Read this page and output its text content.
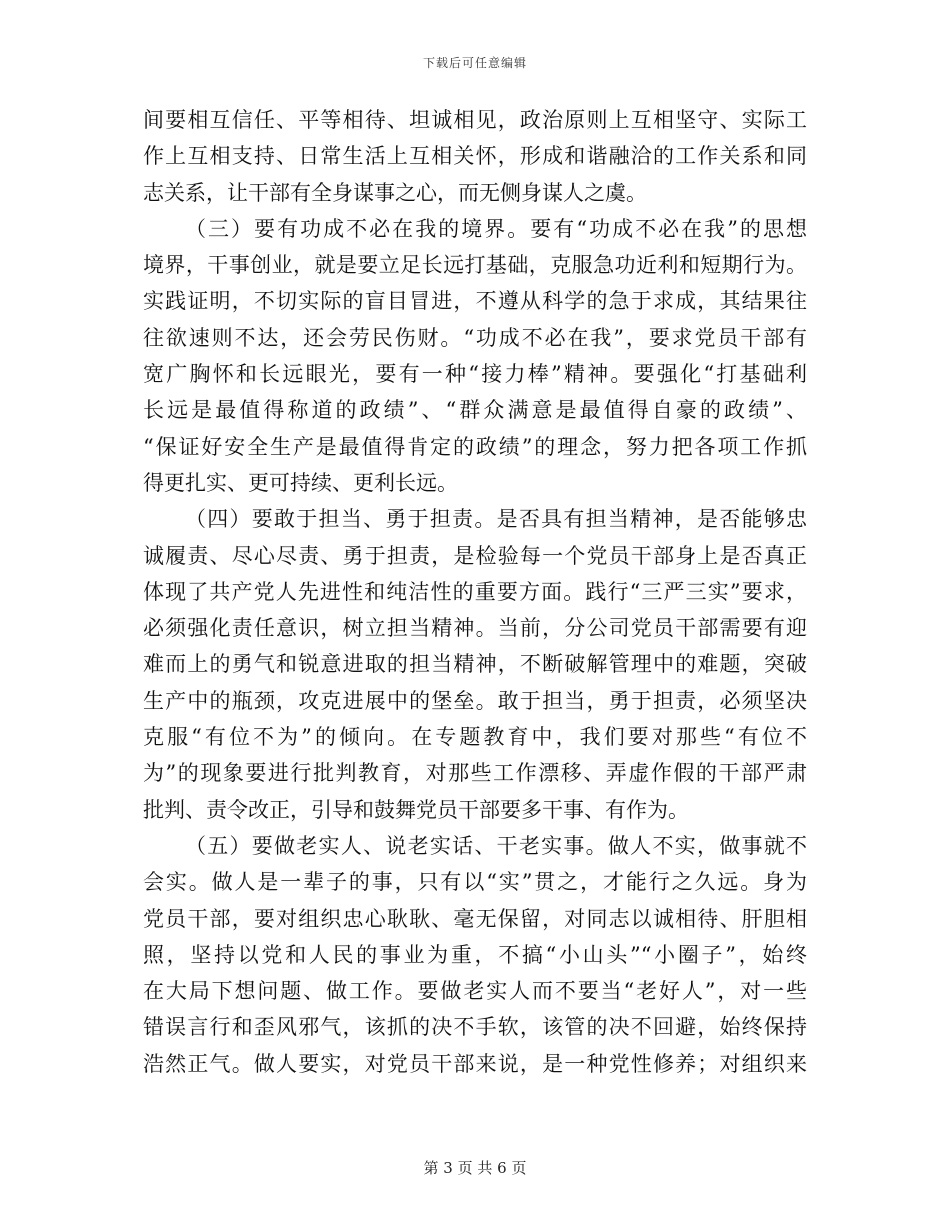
下载后可任意编辑
间要相互信任、平等相待、坦诚相见，政治原则上互相坚守、实际工
作上互相支持、日常生活上互相关怀，形成和谐融洽的工作关系和同
志关系，让干部有全身谋事之心，而无侧身谋人之虞。
（三）要有功成不必在我的境界。要有“功成不必在我”的思想
境界，干事创业，就是要立足长远打基础，克服急功近利和短期行为。
实践证明，不切实际的盲目冒进，不遵从科学的急于求成，其结果往
往欲速则不达，还会劳民伤财。“功成不必在我”，要求党员干部有
宽广胸怀和长远眼光，要有一种“接力棒”精神。要强化“打基础利
长远是最值得称道的政绩”、“群众满意是最值得自豪的政绩”、
“保证好安全生产是最值得肯定的政绩”的理念，努力把各项工作抓
得更扎实、更可持续、更利长远。
（四）要敢于担当、勇于担责。是否具有担当精神，是否能够忠
诚履责、尽心尽责、勇于担责，是检验每一个党员干部身上是否真正
体现了共产党人先进性和纯洁性的重要方面。践行“三严三实”要求，
必须强化责任意识，树立担当精神。当前，分公司党员干部需要有迎
难而上的勇气和锐意进取的担当精神，不断破解管理中的难题，突破
生产中的瓶颈，攻克进展中的堡垒。敢于担当，勇于担责，必须坚决
克服“有位不为”的倾向。在专题教育中，我们要对那些“有位不
为”的现象要进行批判教育，对那些工作漂移、弄虚作假的干部严肃
批判、责令改正，引导和鼓舞党员干部要多干事、有作为。
（五）要做老实人、说老实话、干老实事。做人不实，做事就不
会实。做人是一辈子的事，只有以“实”贯之，才能行之久远。身为
党员干部，要对组织忠心耿耿、毫无保留，对同志以诚相待、肝胆相
照，坚持以党和人民的事业为重，不搞“小山头”“小圈子”，始终
在大局下想问题、做工作。要做老实人而不要当“老好人”，对一些
错误言行和歪风邪气，该抓的决不手软，该管的决不回避，始终保持
浩然正气。做人要实，对党员干部来说，是一种党性修养；对组织来
第 3 页 共 6 页
